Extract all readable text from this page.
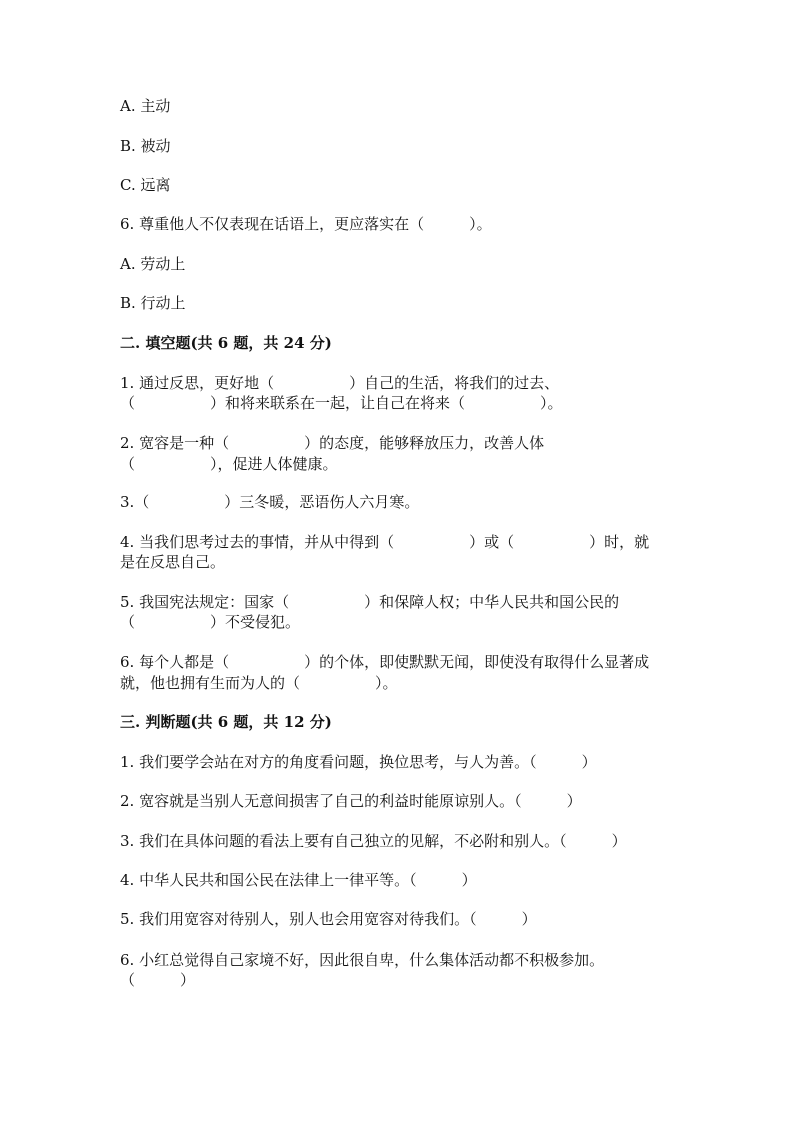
A. 主动
B. 被动
C. 远离
6. 尊重他人不仅表现在话语上，更应落实在（　　　）。
A. 劳动上
B. 行动上
二. 填空题(共 6 题，共 24 分)
1. 通过反思，更好地（　　　　　）自己的生活，将我们的过去、
（　　　　　）和将来联系在一起，让自己在将来（　　　　　）。
2. 宽容是一种（　　　　　）的态度，能够释放压力，改善人体
（　　　　　），促进人体健康。
3.（　　　　　）三冬暖，恶语伤人六月寒。
4. 当我们思考过去的事情，并从中得到（　　　　　）或（　　　　　）时，就
是在反思自己。
5. 我国宪法规定：国家（　　　　　）和保障人权；中华人民共和国公民的
（　　　　　）不受侵犯。
6. 每个人都是（　　　　　）的个体，即使默默无闻，即使没有取得什么显著成
就，他也拥有生而为人的（　　　　　）。
三. 判断题(共 6 题，共 12 分)
1. 我们要学会站在对方的角度看问题，换位思考，与人为善。（　　　）
2. 宽容就是当别人无意间损害了自己的利益时能原谅别人。（　　　）
3. 我们在具体问题的看法上要有自己独立的见解，不必附和别人。（　　　）
4. 中华人民共和国公民在法律上一律平等。（　　　）
5. 我们用宽容对待别人，别人也会用宽容对待我们。（　　　）
6. 小红总觉得自己家境不好，因此很自卑，什么集体活动都不积极参加。
（　　　）
